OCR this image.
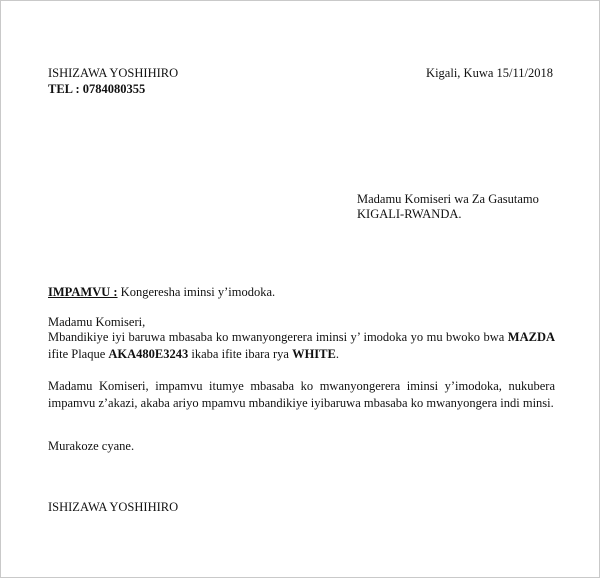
ISHIZAWA YOSHIHIRO
TEL : 0784080355
Kigali, Kuwa 15/11/2018
Madamu Komiseri wa Za Gasutamo
KIGALI-RWANDA.
IMPAMVU : Kongeresha iminsi y’imodoka.
Madamu Komiseri,

Mbandikiye iyi baruwa mbasaba ko mwanyongerera iminsi y’ imodoka yo mu bwoko bwa MAZDA ifite Plaque AKA480E3243 ikaba ifite ibara rya WHITE.

Madamu Komiseri, impamvu itumye mbasaba ko mwanyongerera iminsi y’imodoka, nukubera impamvu z’akazi, akaba ariyo mpamvu mbandikiye iyibaruwa mbasaba ko mwanyongera indi minsi.

Murakoze cyane.
ISHIZAWA YOSHIHIRO
